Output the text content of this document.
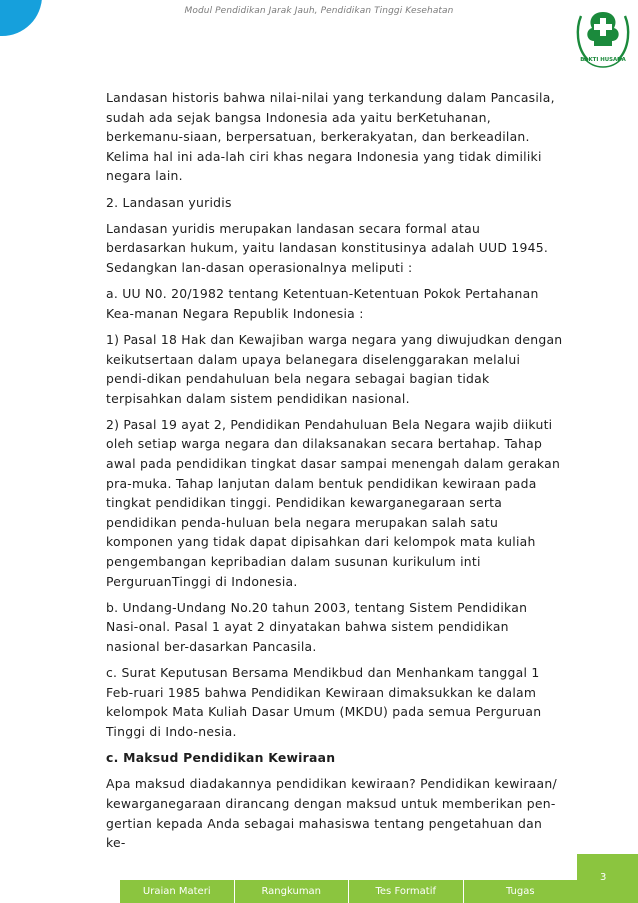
Modul Pendidikan Jarak Jauh, Pendidikan Tinggi Kesehatan
BAKTI HUSADA

Landasan historis bahwa nilai-nilai yang terkandung dalam Pancasila, sudah ada sejak bangsa Indonesia ada yaitu berKetuhanan, berkemanu-siaan, berpersatuan, berkerakyatan, dan berkeadilan. Kelima hal ini ada-lah ciri khas negara Indonesia yang tidak dimiliki negara lain.

2. Landasan yuridis

Landasan yuridis merupakan landasan secara formal atau berdasarkan hukum, yaitu landasan konstitusinya adalah UUD 1945. Sedangkan lan-dasan operasionalnya meliputi :

a. UU N0. 20/1982 tentang Ketentuan-Ketentuan Pokok Pertahanan Kea-manan Negara Republik Indonesia :

1) Pasal 18 Hak dan Kewajiban warga negara yang diwujudkan dengan keikutsertaan dalam upaya belanegara diselenggarakan melalui pendi-dikan pendahuluan bela negara sebagai bagian tidak terpisahkan dalam sistem pendidikan nasional.

2) Pasal 19 ayat 2, Pendidikan Pendahuluan Bela Negara wajib diikuti oleh setiap warga negara dan dilaksanakan secara bertahap. Tahap awal pada pendidikan tingkat dasar sampai menengah dalam gerakan pra-muka. Tahap lanjutan dalam bentuk pendidikan kewiraan pada tingkat pendidikan tinggi. Pendidikan kewarganegaraan serta pendidikan penda-huluan bela negara merupakan salah satu komponen yang tidak dapat dipisahkan dari kelompok mata kuliah pengembangan kepribadian dalam susunan kurikulum inti PerguruanTinggi di Indonesia.

b. Undang-Undang No.20 tahun 2003, tentang Sistem Pendidikan Nasi-onal. Pasal 1 ayat 2 dinyatakan bahwa sistem pendidikan nasional ber-dasarkan Pancasila.

c. Surat Keputusan Bersama Mendikbud dan Menhankam tanggal 1 Feb-ruari 1985 bahwa Pendidikan Kewiraan dimaksukkan ke dalam kelompok Mata Kuliah Dasar Umum (MKDU) pada semua Perguruan Tinggi di Indo-nesia.

c. Maksud Pendidikan Kewiraan

Apa maksud diadakannya pendidikan kewiraan? Pendidikan kewiraan/ kewarganegaraan dirancang dengan maksud untuk memberikan pen-gertian kepada Anda sebagai mahasiswa tentang pengetahuan dan ke-

3
Uraian Materi	Rangkuman	Tes Formatif	Tugas
